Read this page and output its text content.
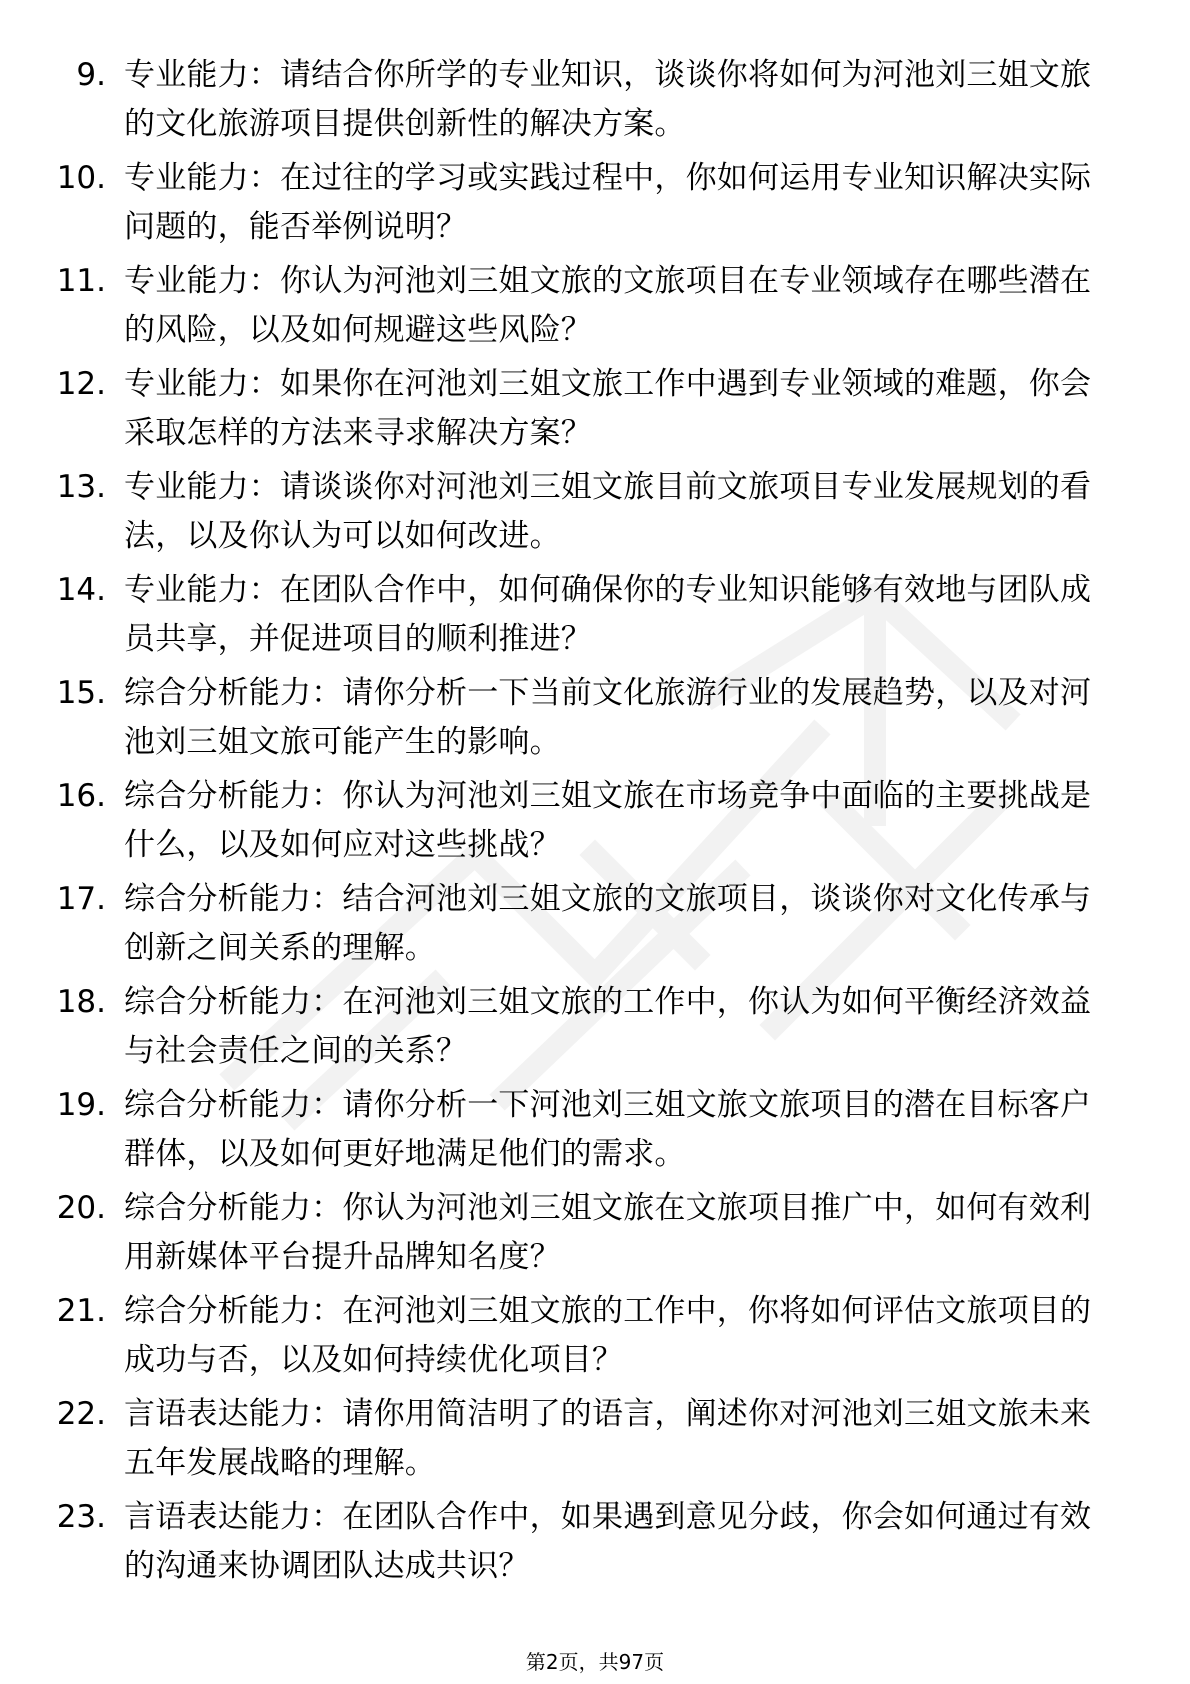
9. 专业能力：请结合你所学的专业知识，谈谈你将如何为河池刘三姐文旅的文化旅游项目提供创新性的解决方案。
10. 专业能力：在过往的学习或实践过程中，你如何运用专业知识解决实际问题的，能否举例说明？
11. 专业能力：你认为河池刘三姐文旅的文旅项目在专业领域存在哪些潜在的风险，以及如何规避这些风险？
12. 专业能力：如果你在河池刘三姐文旅工作中遇到专业领域的难题，你会采取怎样的方法来寻求解决方案？
13. 专业能力：请谈谈你对河池刘三姐文旅目前文旅项目专业发展规划的看法，以及你认为可以如何改进。
14. 专业能力：在团队合作中，如何确保你的专业知识能够有效地与团队成员共享，并促进项目的顺利推进？
15. 综合分析能力：请你分析一下当前文化旅游行业的发展趋势，以及对河池刘三姐文旅可能产生的影响。
16. 综合分析能力：你认为河池刘三姐文旅在市场竞争中面临的主要挑战是什么，以及如何应对这些挑战？
17. 综合分析能力：结合河池刘三姐文旅的文旅项目，谈谈你对文化传承与创新之间关系的理解。
18. 综合分析能力：在河池刘三姐文旅的工作中，你认为如何平衡经济效益与社会责任之间的关系？
19. 综合分析能力：请你分析一下河池刘三姐文旅文旅项目的潜在目标客户群体，以及如何更好地满足他们的需求。
20. 综合分析能力：你认为河池刘三姐文旅在文旅项目推广中，如何有效利用新媒体平台提升品牌知名度？
21. 综合分析能力：在河池刘三姐文旅的工作中，你将如何评估文旅项目的成功与否，以及如何持续优化项目？
22. 言语表达能力：请你用简洁明了的语言，阐述你对河池刘三姐文旅未来五年发展战略的理解。
23. 言语表达能力：在团队合作中，如果遇到意见分歧，你会如何通过有效的沟通来协调团队达成共识？
第2页，共97页
